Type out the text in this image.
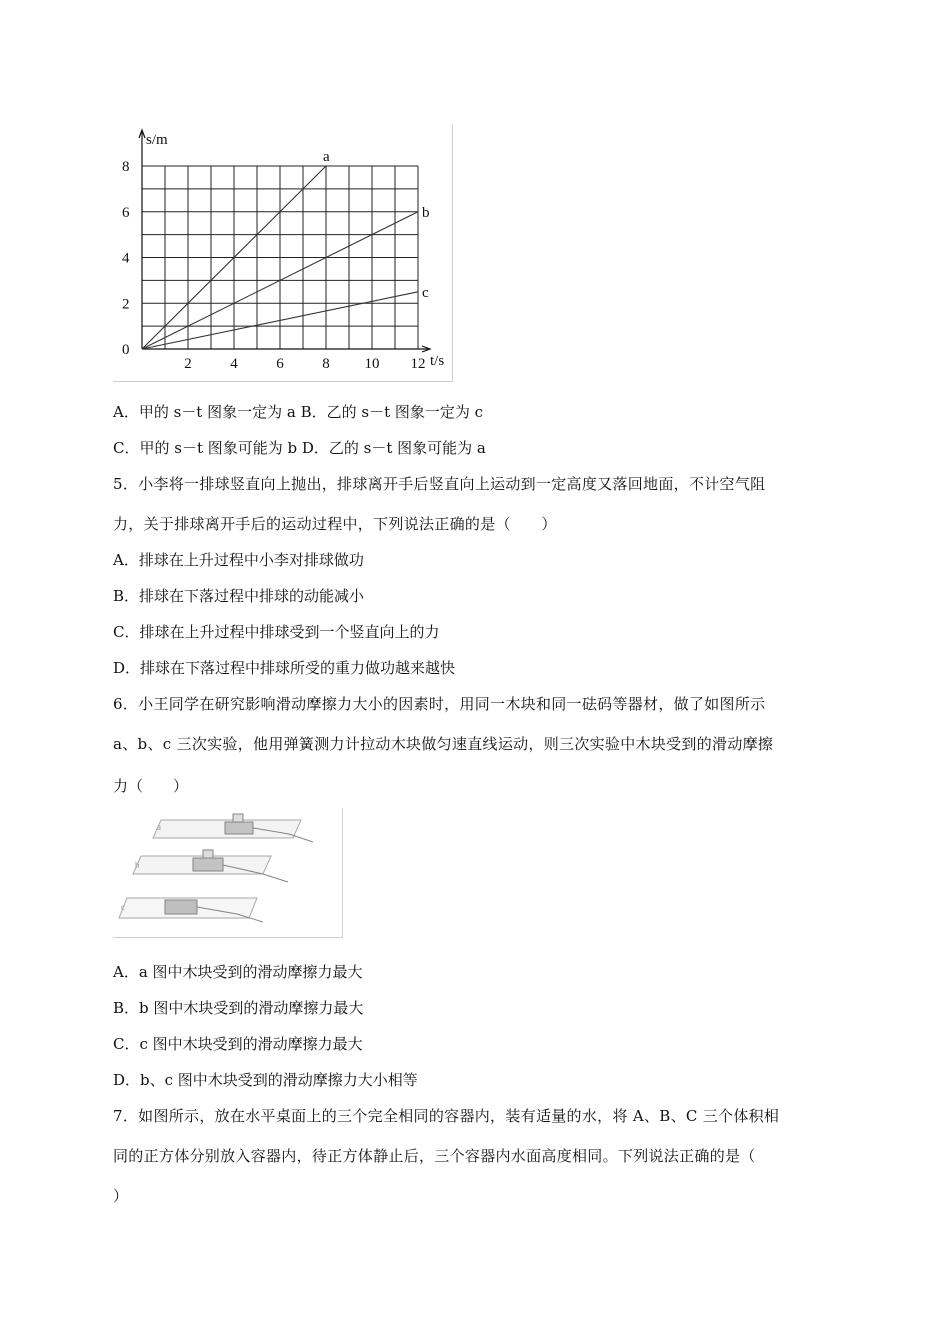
a
b
c
2	4	6	8 10 12
0
2
4
6
8
s/m
t/s
A．甲的 s－t 图象一定为 a B．乙的 s－t 图象一定为 c
C．甲的 s－t 图象可能为 b D．乙的 s－t 图象可能为 a
5．小李将一排球竖直向上抛出，排球离开手后竖直向上运动到一定高度又落回地面，不计空气阻
力，关于排球离开手后的运动过程中，下列说法正确的是（　　）
A．排球在上升过程中小李对排球做功
B．排球在下落过程中排球的动能减小
C．排球在上升过程中排球受到一个竖直向上的力
D．排球在下落过程中排球所受的重力做功越来越快
6．小王同学在研究影响滑动摩擦力大小的因素时，用同一木块和同一砝码等器材，做了如图所示
a、b、c 三次实验，他用弹簧测力计拉动木块做匀速直线运动，则三次实验中木块受到的滑动摩擦
力（　　）
a
b
c
A．a 图中木块受到的滑动摩擦力最大
B．b 图中木块受到的滑动摩擦力最大
C．c 图中木块受到的滑动摩擦力最大
D．b、c 图中木块受到的滑动摩擦力大小相等
7．如图所示，放在水平桌面上的三个完全相同的容器内，装有适量的水，将 A、B、C 三个体积相
同的正方体分别放入容器内，待正方体静止后，三个容器内水面高度相同。下列说法正确的是（
）
